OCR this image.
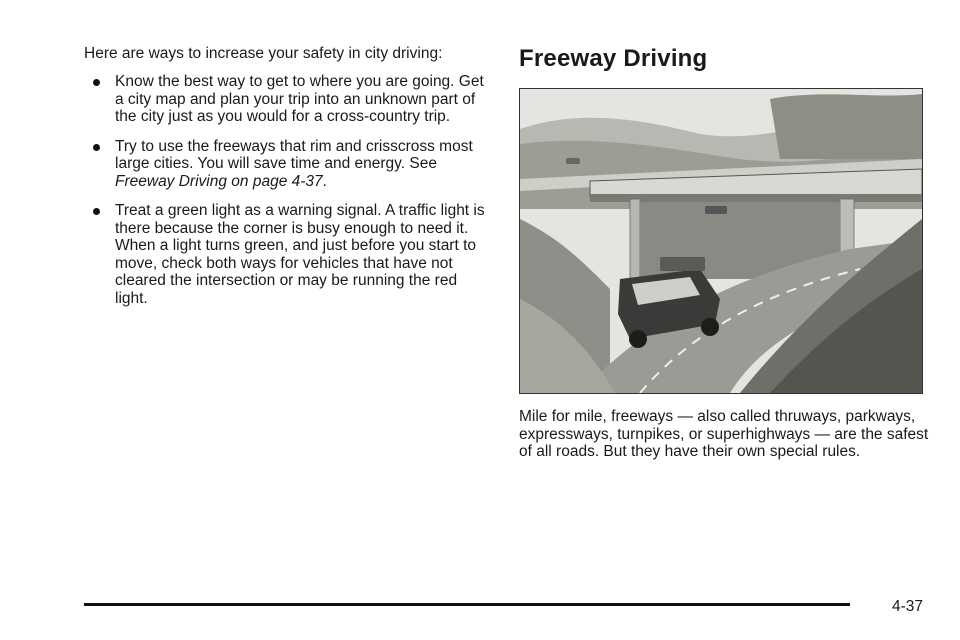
Here are ways to increase your safety in city driving:

Know the best way to get to where you are going. Get a city map and plan your trip into an unknown part of the city just as you would for a cross-country trip.
Try to use the freeways that rim and crisscross most large cities. You will save time and energy. See Freeway Driving on page 4-37.
Treat a green light as a warning signal. A traffic light is there because the corner is busy enough to need it. When a light turns green, and just before you start to move, check both ways for vehicles that have not cleared the intersection or may be running the red light.
Freeway Driving

Mile for mile, freeways — also called thruways, parkways, expressways, turnpikes, or superhighways — are the safest of all roads. But they have their own special rules.

4-37
